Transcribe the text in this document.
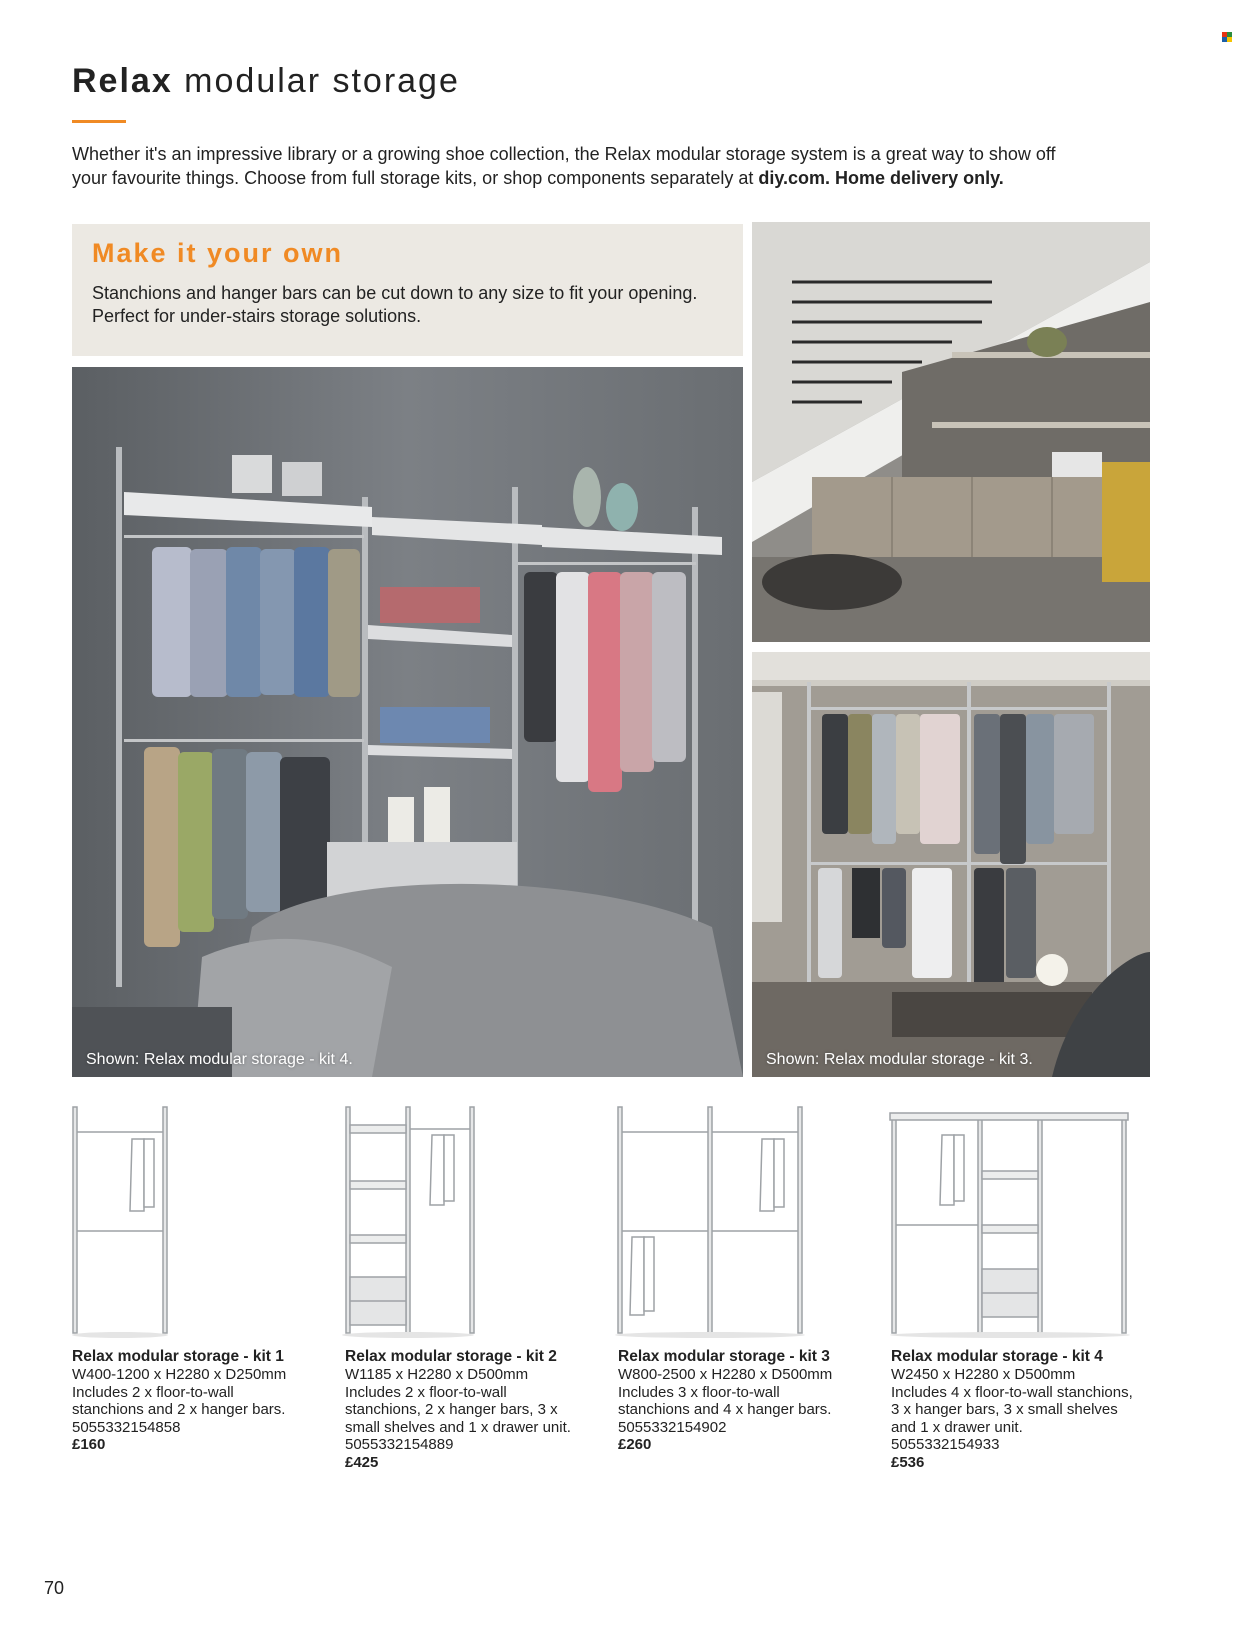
Relax modular storage
Whether it's an impressive library or a growing shoe collection, the Relax modular storage system is a great way to show off your favourite things. Choose from full storage kits, or shop components separately at diy.com. Home delivery only.
Make it your own
Stanchions and hanger bars can be cut down to any size to fit your opening. Perfect for under-stairs storage solutions.
Shown: Relax modular storage - kit 4.	Shown: Relax modular storage - kit 3.
Relax modular storage - kit 1
W400-1200 x H2280 x D250mm
Includes 2 x floor-to-wall stanchions and 2 x hanger bars.
5055332154858
£160
Relax modular storage - kit 2
W1185 x H2280 x D500mm
Includes 2 x floor-to-wall stanchions, 2 x hanger bars, 3 x small shelves and 1 x drawer unit.
5055332154889
£425
Relax modular storage - kit 3
W800-2500 x H2280 x D500mm
Includes 3 x floor-to-wall stanchions and 4 x hanger bars.
5055332154902
£260
Relax modular storage - kit 4
W2450 x H2280 x D500mm
Includes 4 x floor-to-wall stanchions, 3 x hanger bars, 3 x small shelves and 1 x drawer unit.
5055332154933
£536
70
